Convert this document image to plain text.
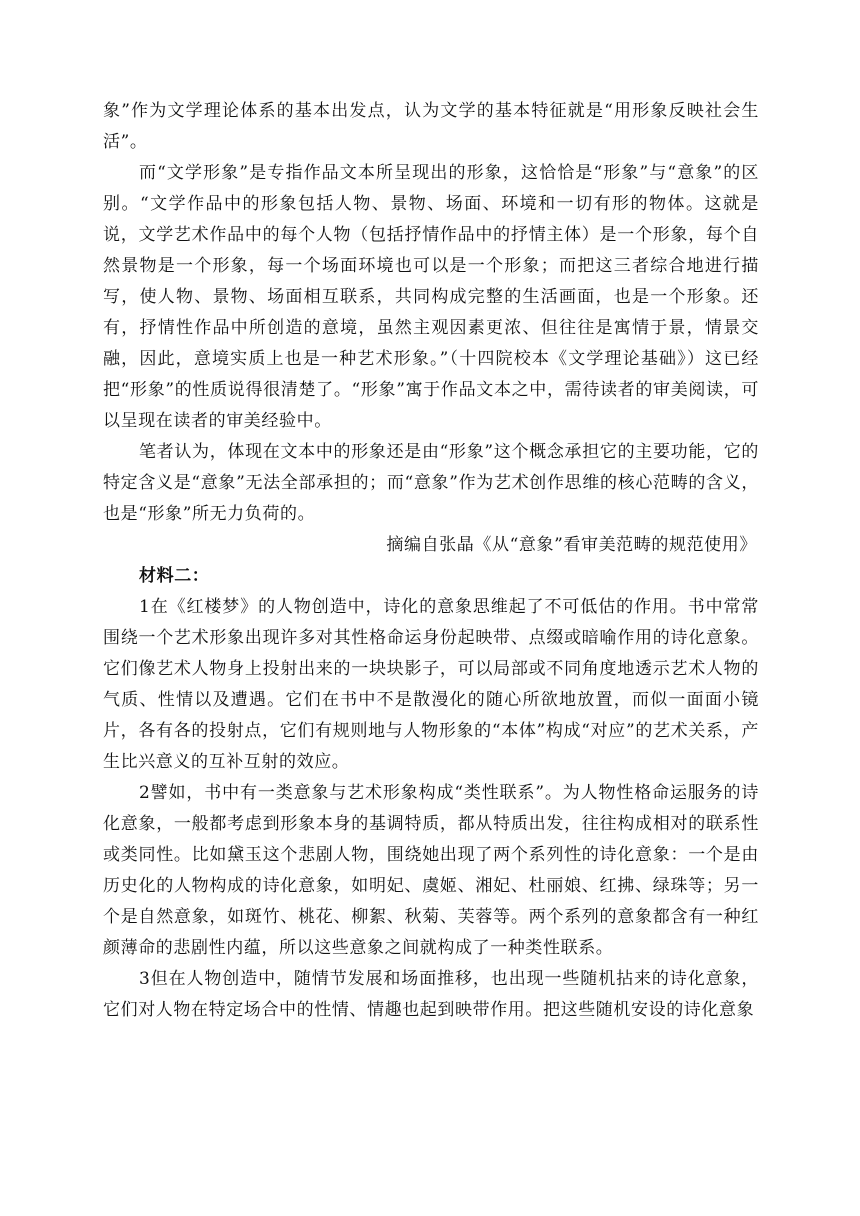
象”作为文学理论体系的基本出发点，认为文学的基本特征就是“用形象反映社会生活”。

而“文学形象”是专指作品文本所呈现出的形象，这恰恰是“形象”与“意象”的区别。“文学作品中的形象包括人物、景物、场面、环境和一切有形的物体。这就是说，文学艺术作品中的每个人物（包括抒情作品中的抒情主体）是一个形象，每个自然景物是一个形象，每一个场面环境也可以是一个形象；而把这三者综合地进行描写，使人物、景物、场面相互联系，共同构成完整的生活画面，也是一个形象。还有，抒情性作品中所创造的意境，虽然主观因素更浓、但往往是寓情于景，情景交融，因此，意境实质上也是一种艺术形象。”（十四院校本《文学理论基础》）这已经把“形象”的性质说得很清楚了。“形象”寓于作品文本之中，需待读者的审美阅读，可以呈现在读者的审美经验中。

笔者认为，体现在文本中的形象还是由“形象”这个概念承担它的主要功能，它的特定含义是“意象”无法全部承担的；而“意象”作为艺术创作思维的核心范畴的含义，也是“形象”所无力负荷的。

摘编自张晶《从“意象”看审美范畴的规范使用》

材料二：

1在《红楼梦》的人物创造中，诗化的意象思维起了不可低估的作用。书中常常围绕一个艺术形象出现许多对其性格命运身份起映带、点缀或暗喻作用的诗化意象。它们像艺术人物身上投射出来的一块块影子，可以局部或不同角度地透示艺术人物的气质、性情以及遭遇。它们在书中不是散漫化的随心所欲地放置，而似一面面小镜片，各有各的投射点，它们有规则地与人物形象的“本体”构成“对应”的艺术关系，产生比兴意义的互补互射的效应。

2譬如，书中有一类意象与艺术形象构成“类性联系”。为人物性格命运服务的诗化意象，一般都考虑到形象本身的基调特质，都从特质出发，往往构成相对的联系性或类同性。比如黛玉这个悲剧人物，围绕她出现了两个系列性的诗化意象：一个是由历史化的人物构成的诗化意象，如明妃、虞姬、湘妃、杜丽娘、红拂、绿珠等；另一个是自然意象，如斑竹、桃花、柳絮、秋菊、芙蓉等。两个系列的意象都含有一种红颜薄命的悲剧性内蕴，所以这些意象之间就构成了一种类性联系。

3但在人物创造中，随情节发展和场面推移，也出现一些随机拈来的诗化意象，它们对人物在特定场合中的性情、情趣也起到映带作用。把这些随机安设的诗化意象
